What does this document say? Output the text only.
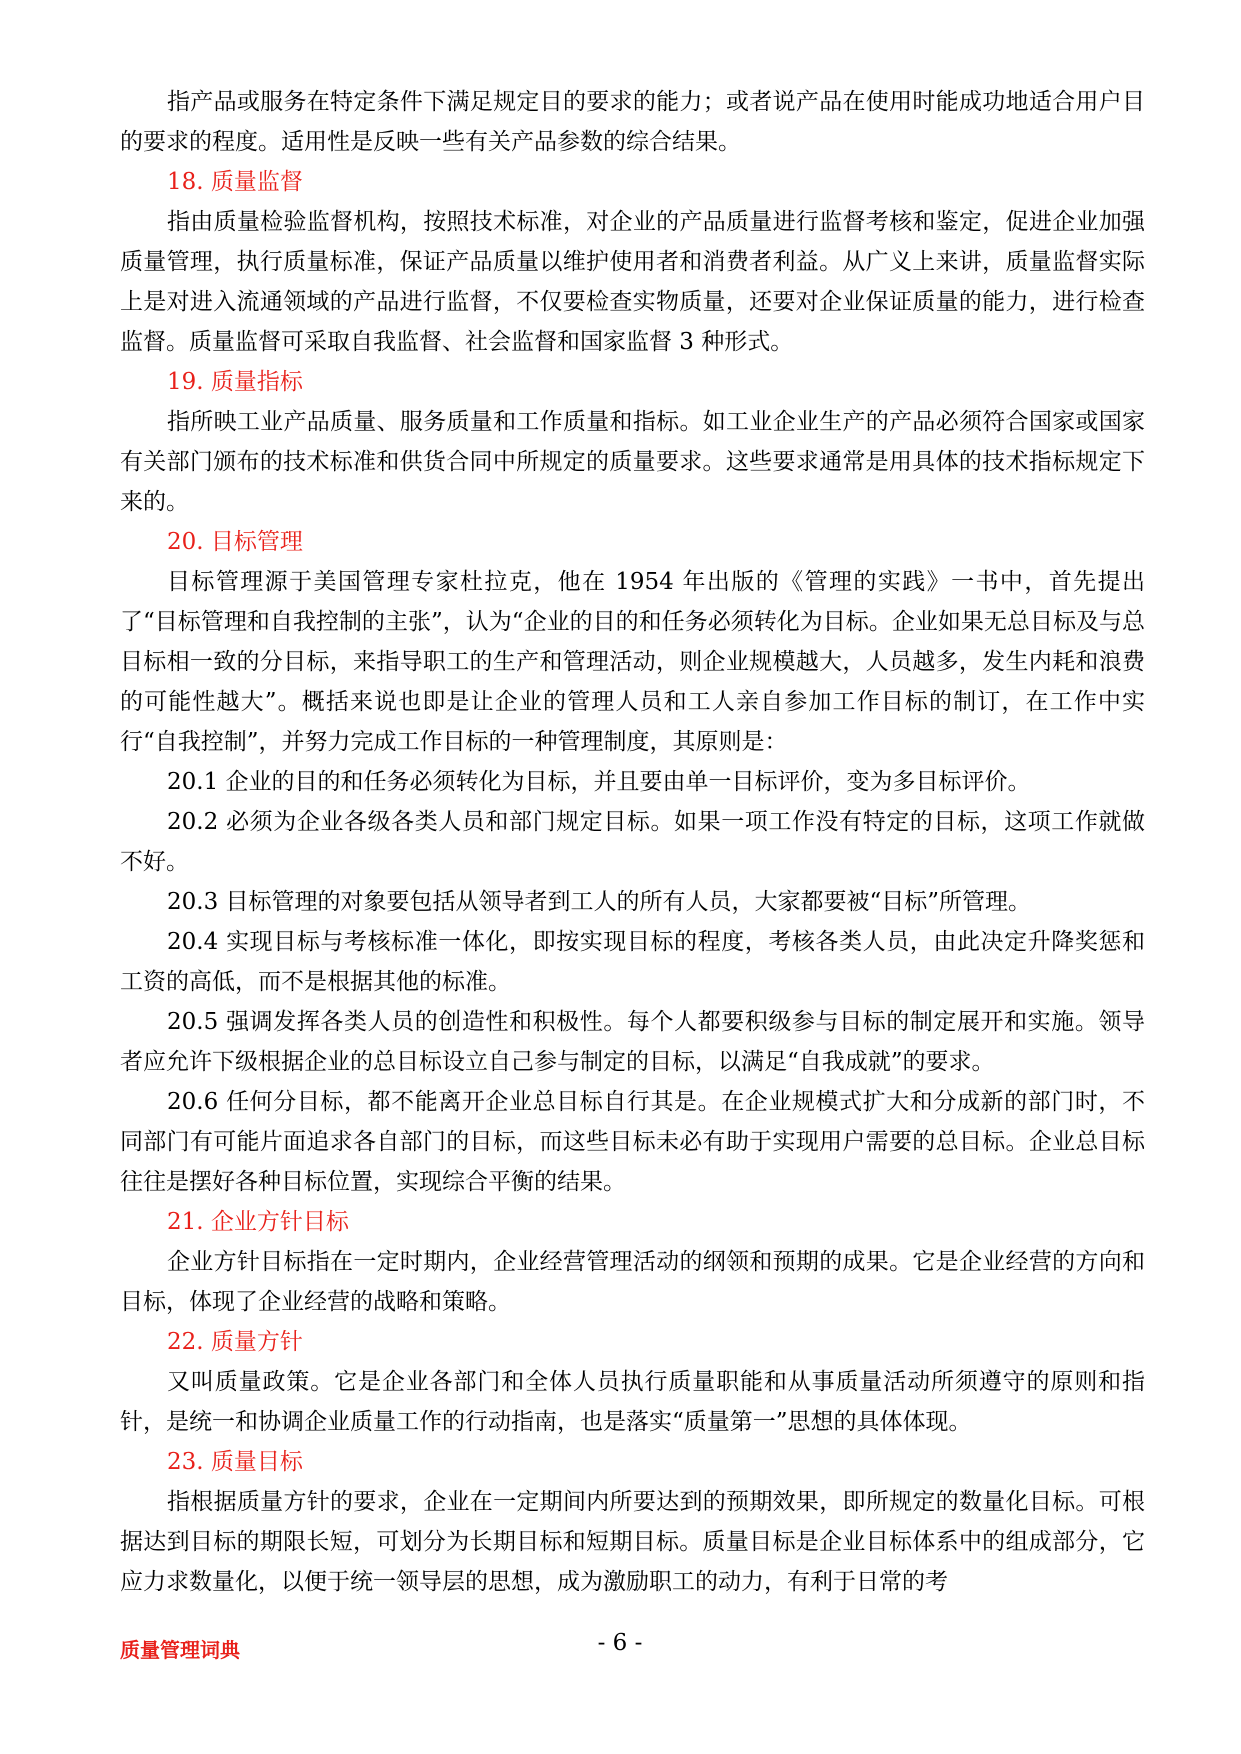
指产品或服务在特定条件下满足规定目的要求的能力；或者说产品在使用时能成功地适合用户目的要求的程度。适用性是反映一些有关产品参数的综合结果。

18. 质量监督

指由质量检验监督机构，按照技术标准，对企业的产品质量进行监督考核和鉴定，促进企业加强质量管理，执行质量标准，保证产品质量以维护使用者和消费者利益。从广义上来讲，质量监督实际上是对进入流通领域的产品进行监督，不仅要检查实物质量，还要对企业保证质量的能力，进行检查监督。质量监督可采取自我监督、社会监督和国家监督 3 种形式。

19. 质量指标

指所映工业产品质量、服务质量和工作质量和指标。如工业企业生产的产品必须符合国家或国家有关部门颁布的技术标准和供货合同中所规定的质量要求。这些要求通常是用具体的技术指标规定下来的。

20. 目标管理

目标管理源于美国管理专家杜拉克，他在 1954 年出版的《管理的实践》一书中，首先提出了“目标管理和自我控制的主张”，认为“企业的目的和任务必须转化为目标。企业如果无总目标及与总目标相一致的分目标，来指导职工的生产和管理活动，则企业规模越大，人员越多，发生内耗和浪费的可能性越大”。概括来说也即是让企业的管理人员和工人亲自参加工作目标的制订，在工作中实行“自我控制”，并努力完成工作目标的一种管理制度，其原则是：

20.1 企业的目的和任务必须转化为目标，并且要由单一目标评价，变为多目标评价。

20.2 必须为企业各级各类人员和部门规定目标。如果一项工作没有特定的目标，这项工作就做不好。

20.3 目标管理的对象要包括从领导者到工人的所有人员，大家都要被“目标”所管理。

20.4 实现目标与考核标准一体化，即按实现目标的程度，考核各类人员，由此决定升降奖惩和工资的高低，而不是根据其他的标准。

20.5 强调发挥各类人员的创造性和积极性。每个人都要积级参与目标的制定展开和实施。领导者应允许下级根据企业的总目标设立自己参与制定的目标，以满足“自我成就”的要求。

20.6 任何分目标，都不能离开企业总目标自行其是。在企业规模式扩大和分成新的部门时，不同部门有可能片面追求各自部门的目标，而这些目标未必有助于实现用户需要的总目标。企业总目标往往是摆好各种目标位置，实现综合平衡的结果。

21. 企业方针目标

企业方针目标指在一定时期内，企业经营管理活动的纲领和预期的成果。它是企业经营的方向和目标，体现了企业经营的战略和策略。

22. 质量方针

又叫质量政策。它是企业各部门和全体人员执行质量职能和从事质量活动所须遵守的原则和指针，是统一和协调企业质量工作的行动指南，也是落实“质量第一”思想的具体体现。

23. 质量目标

指根据质量方针的要求，企业在一定期间内所要达到的预期效果，即所规定的数量化目标。可根据达到目标的期限长短，可划分为长期目标和短期目标。质量目标是企业目标体系中的组成部分，它应力求数量化，以便于统一领导层的思想，成为激励职工的动力，有利于日常的考

质量管理词典	- 6 -
